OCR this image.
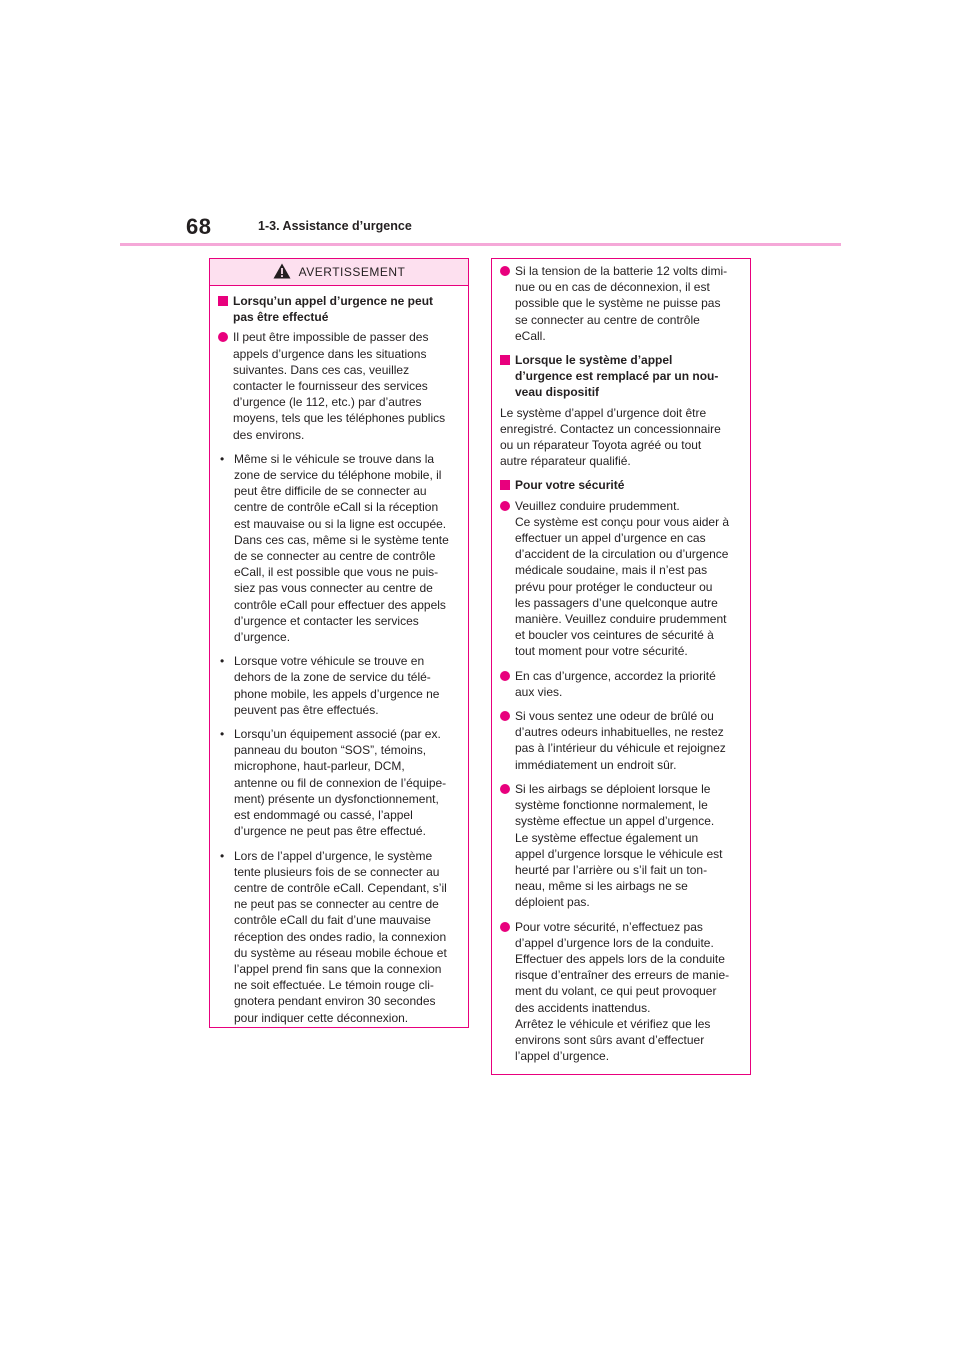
68	1-3. Assistance d’urgence
AVERTISSEMENT
Lorsqu’un appel d’urgence ne peut
pas être effectué
Il peut être impossible de passer des
appels d’urgence dans les situations
suivantes. Dans ces cas, veuillez
contacter le fournisseur des services
d’urgence (le 112, etc.) par d’autres
moyens, tels que les téléphones publics
des environs.
• Même si le véhicule se trouve dans la
zone de service du téléphone mobile, il
peut être difficile de se connecter au
centre de contrôle eCall si la réception
est mauvaise ou si la ligne est occupée.
Dans ces cas, même si le système tente
de se connecter au centre de contrôle
eCall, il est possible que vous ne puis-
siez pas vous connecter au centre de
contrôle eCall pour effectuer des appels
d’urgence et contacter les services
d’urgence.
• Lorsque votre véhicule se trouve en
dehors de la zone de service du télé-
phone mobile, les appels d’urgence ne
peuvent pas être effectués.
• Lorsqu’un équipement associé (par ex.
panneau du bouton “SOS”, témoins,
microphone, haut-parleur, DCM,
antenne ou fil de connexion de l’équipe-
ment) présente un dysfonctionnement,
est endommagé ou cassé, l’appel
d’urgence ne peut pas être effectué.
• Lors de l’appel d’urgence, le système
tente plusieurs fois de se connecter au
centre de contrôle eCall. Cependant, s’il
ne peut pas se connecter au centre de
contrôle eCall du fait d’une mauvaise
réception des ondes radio, la connexion
du système au réseau mobile échoue et
l’appel prend fin sans que la connexion
ne soit effectuée. Le témoin rouge cli-
gnotera pendant environ 30 secondes
pour indiquer cette déconnexion.
Si la tension de la batterie 12 volts dimi-
nue ou en cas de déconnexion, il est
possible que le système ne puisse pas
se connecter au centre de contrôle
eCall.
Lorsque le système d’appel
d’urgence est remplacé par un nou-
veau dispositif
Le système d’appel d’urgence doit être
enregistré. Contactez un concessionnaire
ou un réparateur Toyota agréé ou tout
autre réparateur qualifié.
Pour votre sécurité
Veuillez conduire prudemment.
Ce système est conçu pour vous aider à
effectuer un appel d’urgence en cas
d’accident de la circulation ou d’urgence
médicale soudaine, mais il n’est pas
prévu pour protéger le conducteur ou
les passagers d’une quelconque autre
manière. Veuillez conduire prudemment
et boucler vos ceintures de sécurité à
tout moment pour votre sécurité.
En cas d’urgence, accordez la priorité
aux vies.
Si vous sentez une odeur de brûlé ou
d’autres odeurs inhabituelles, ne restez
pas à l’intérieur du véhicule et rejoignez
immédiatement un endroit sûr.
Si les airbags se déploient lorsque le
système fonctionne normalement, le
système effectue un appel d’urgence.
Le système effectue également un
appel d’urgence lorsque le véhicule est
heurté par l’arrière ou s’il fait un ton-
neau, même si les airbags ne se
déploient pas.
Pour votre sécurité, n’effectuez pas
d’appel d’urgence lors de la conduite.
Effectuer des appels lors de la conduite
risque d’entraîner des erreurs de manie-
ment du volant, ce qui peut provoquer
des accidents inattendus.
Arrêtez le véhicule et vérifiez que les
environs sont sûrs avant d’effectuer
l’appel d’urgence.
